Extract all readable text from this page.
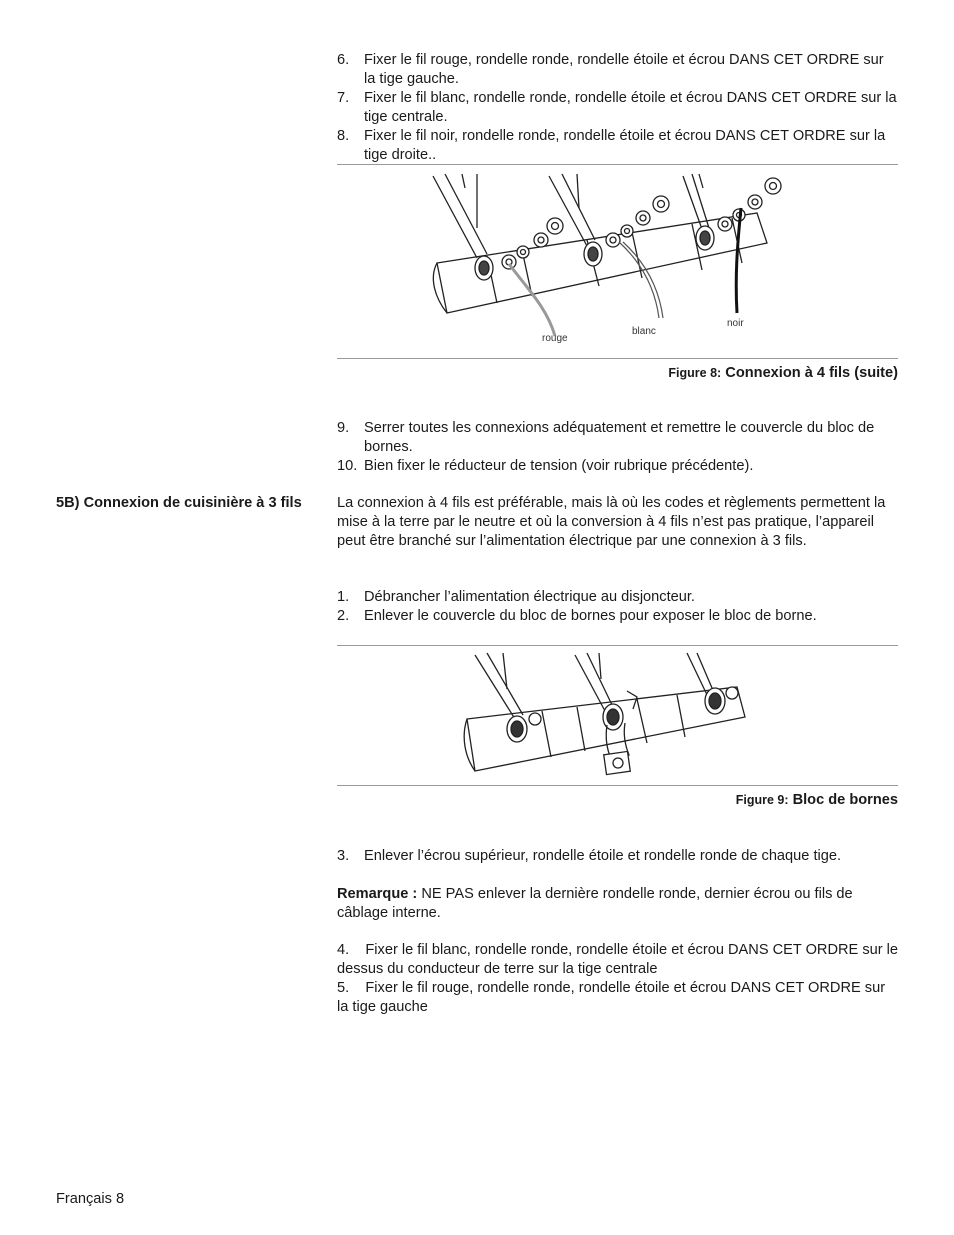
6. Fixer le fil rouge, rondelle ronde, rondelle étoile et écrou DANS CET ORDRE sur la tige gauche.
7. Fixer le fil blanc, rondelle ronde, rondelle étoile et écrou DANS CET ORDRE sur la tige centrale.
8. Fixer le fil noir, rondelle ronde, rondelle étoile et écrou DANS CET ORDRE sur la tige droite..
rouge
blanc
noir
Figure 8: Connexion à 4 fils (suite)
9. Serrer toutes les connexions adéquatement et remettre le couvercle du bloc de bornes.
10. Bien fixer le réducteur de tension (voir rubrique précédente).
5B) Connexion de cuisinière à 3 fils	La connexion à 4 fils est préférable, mais là où les codes et règlements permettent la mise à la terre par le neutre et où la conversion à 4 fils n’est pas pratique, l’appareil peut être branché sur l’alimentation électrique par une connexion à 3 fils.

1. Débrancher l’alimentation électrique au disjoncteur.
2. Enlever le couvercle du bloc de bornes pour exposer le bloc de borne.
Figure 9: Bloc de bornes
3. Enlever l’écrou supérieur, rondelle étoile et rondelle ronde de chaque tige.

Remarque : NE PAS enlever la dernière rondelle ronde, dernier écrou ou fils de câblage interne.

4. Fixer le fil blanc, rondelle ronde, rondelle étoile et écrou DANS CET ORDRE sur le dessus du conducteur de terre sur la tige centrale

5. Fixer le fil rouge, rondelle ronde, rondelle étoile et écrou DANS CET ORDRE sur la tige gauche

Français 8
